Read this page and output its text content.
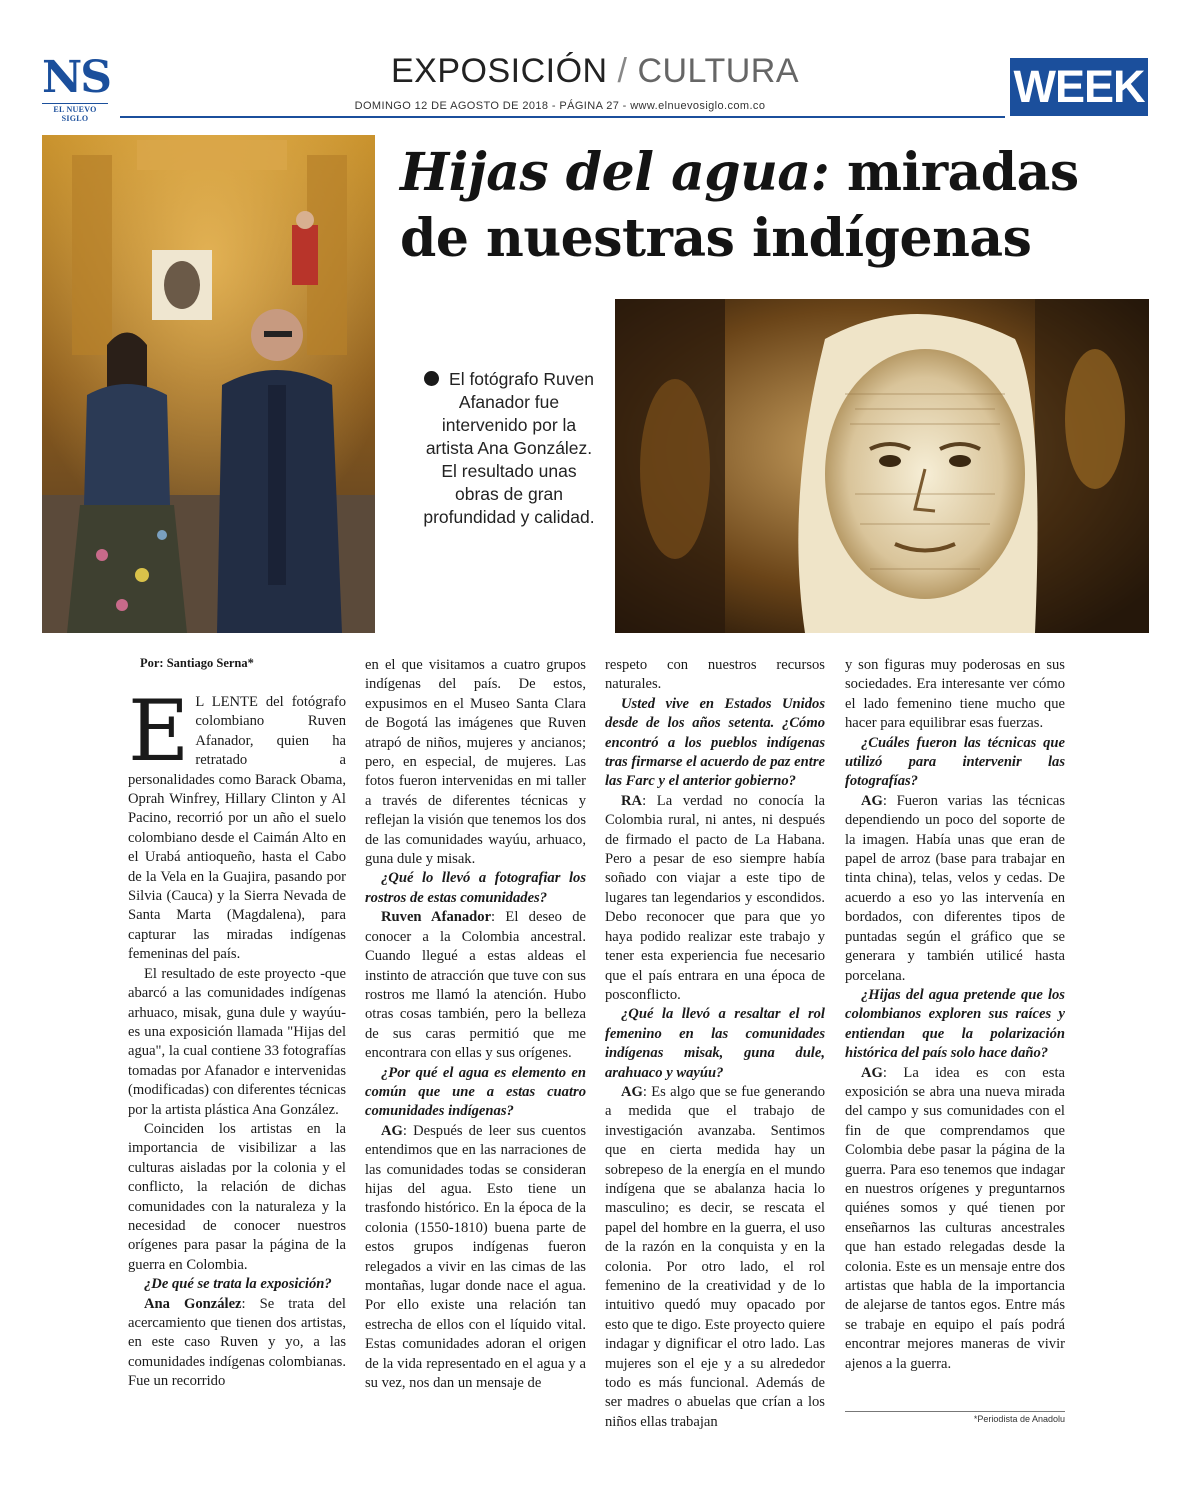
NS
EL NUEVO SIGLO
EXPOSICIÓN / CULTURA
DOMINGO 12 DE AGOSTO DE 2018 - PÁGINA 27 - www.elnuevosiglo.com.co	WEEK
Hijas del agua: miradas de nuestras indígenas
El fotógrafo Ruven Afanador fue intervenido por la artista Ana González. El resultado unas obras de gran profundidad y calidad.
Por: Santiago Serna*

E L LENTE del fotógrafo colombiano Ruven Afanador, quien ha retratado a personalidades como Barack Obama, Oprah Winfrey, Hillary Clinton y Al Pacino, recorrió por un año el suelo colombiano desde el Caimán Alto en el Urabá antioqueño, hasta el Cabo de la Vela en la Guajira, pasando por Silvia (Cauca) y la Sierra Nevada de Santa Marta (Magdalena), para capturar las miradas indígenas femeninas del país.

El resultado de este proyecto -que abarcó a las comunidades indígenas arhuaco, misak, guna dule y wayúu- es una exposición llamada "Hijas del agua", la cual contiene 33 fotografías tomadas por Afanador e intervenidas (modificadas) con diferentes técnicas por la artista plástica Ana González.

Coinciden los artistas en la importancia de visibilizar a las culturas aisladas por la colonia y el conflicto, la relación de dichas comunidades con la naturaleza y la necesidad de conocer nuestros orígenes para pasar la página de la guerra en Colombia.

¿De qué se trata la exposición?

Ana González: Se trata del acercamiento que tienen dos artistas, en este caso Ruven y yo, a las comunidades indígenas colombianas. Fue un recorrido

en el que visitamos a cuatro grupos indígenas del país. De estos, expusimos en el Museo Santa Clara de Bogotá las imágenes que Ruven atrapó de niños, mujeres y ancianos; pero, en especial, de mujeres. Las fotos fueron intervenidas en mi taller a través de diferentes técnicas y reflejan la visión que tenemos los dos de las comunidades wayúu, arhuaco, guna dule y misak.

¿Qué lo llevó a fotografiar los rostros de estas comunidades?

Ruven Afanador: El deseo de conocer a la Colombia ancestral. Cuando llegué a estas aldeas el instinto de atracción que tuve con sus rostros me llamó la atención. Hubo otras cosas también, pero la belleza de sus caras permitió que me encontrara con ellas y sus orígenes.

¿Por qué el agua es elemento en común que une a estas cuatro comunidades indígenas?

AG: Después de leer sus cuentos entendimos que en las narraciones de las comunidades todas se consideran hijas del agua. Esto tiene un trasfondo histórico. En la época de la colonia (1550-1810) buena parte de estos grupos indígenas fueron relegados a vivir en las cimas de las montañas, lugar donde nace el agua. Por ello existe una relación tan estrecha de ellos con el líquido vital. Estas comunidades adoran el origen de la vida representado en el agua y a su vez, nos dan un mensaje de

respeto con nuestros recursos naturales.

Usted vive en Estados Unidos desde de los años setenta. ¿Cómo encontró a los pueblos indígenas tras firmarse el acuerdo de paz entre las Farc y el anterior gobierno?

RA: La verdad no conocía la Colombia rural, ni antes, ni después de firmado el pacto de La Habana. Pero a pesar de eso siempre había soñado con viajar a este tipo de lugares tan legendarios y escondidos. Debo reconocer que para que yo haya podido realizar este trabajo y tener esta experiencia fue necesario que el país entrara en una época de posconflicto.

¿Qué la llevó a resaltar el rol femenino en las comunidades indígenas misak, guna dule, arahuaco y wayúu?

AG: Es algo que se fue generando a medida que el trabajo de investigación avanzaba. Sentimos que en cierta medida hay un sobrepeso de la energía en el mundo indígena que se abalanza hacia lo masculino; es decir, se rescata el papel del hombre en la guerra, el uso de la razón en la conquista y en la colonia. Por otro lado, el rol femenino de la creatividad y de lo intuitivo quedó muy opacado por esto que te digo. Este proyecto quiere indagar y dignificar el otro lado. Las mujeres son el eje y a su alrededor todo es más funcional. Además de ser madres o abuelas que crían a los niños ellas trabajan

y son figuras muy poderosas en sus sociedades. Era interesante ver cómo el lado femenino tiene mucho que hacer para equilibrar esas fuerzas.

¿Cuáles fueron las técnicas que utilizó para intervenir las fotografías?

AG: Fueron varias las técnicas dependiendo un poco del soporte de la imagen. Había unas que eran de papel de arroz (base para trabajar en tinta china), telas, velos y cedas. De acuerdo a eso yo las intervenía en bordados, con diferentes tipos de puntadas según el gráfico que se generara y también utilicé hasta porcelana.

¿Hijas del agua pretende que los colombianos exploren sus raíces y entiendan que la polarización histórica del país solo hace daño?

AG: La idea es con esta exposición se abra una nueva mirada del campo y sus comunidades con el fin de que comprendamos que Colombia debe pasar la página de la guerra. Para eso tenemos que indagar en nuestros orígenes y preguntarnos quiénes somos y qué tienen por enseñarnos las culturas ancestrales que han estado relegadas desde la colonia. Este es un mensaje entre dos artistas que habla de la importancia de alejarse de tantos egos. Entre más se trabaje en equipo el país podrá encontrar mejores maneras de vivir ajenos a la guerra.

*Periodista de Anadolu
